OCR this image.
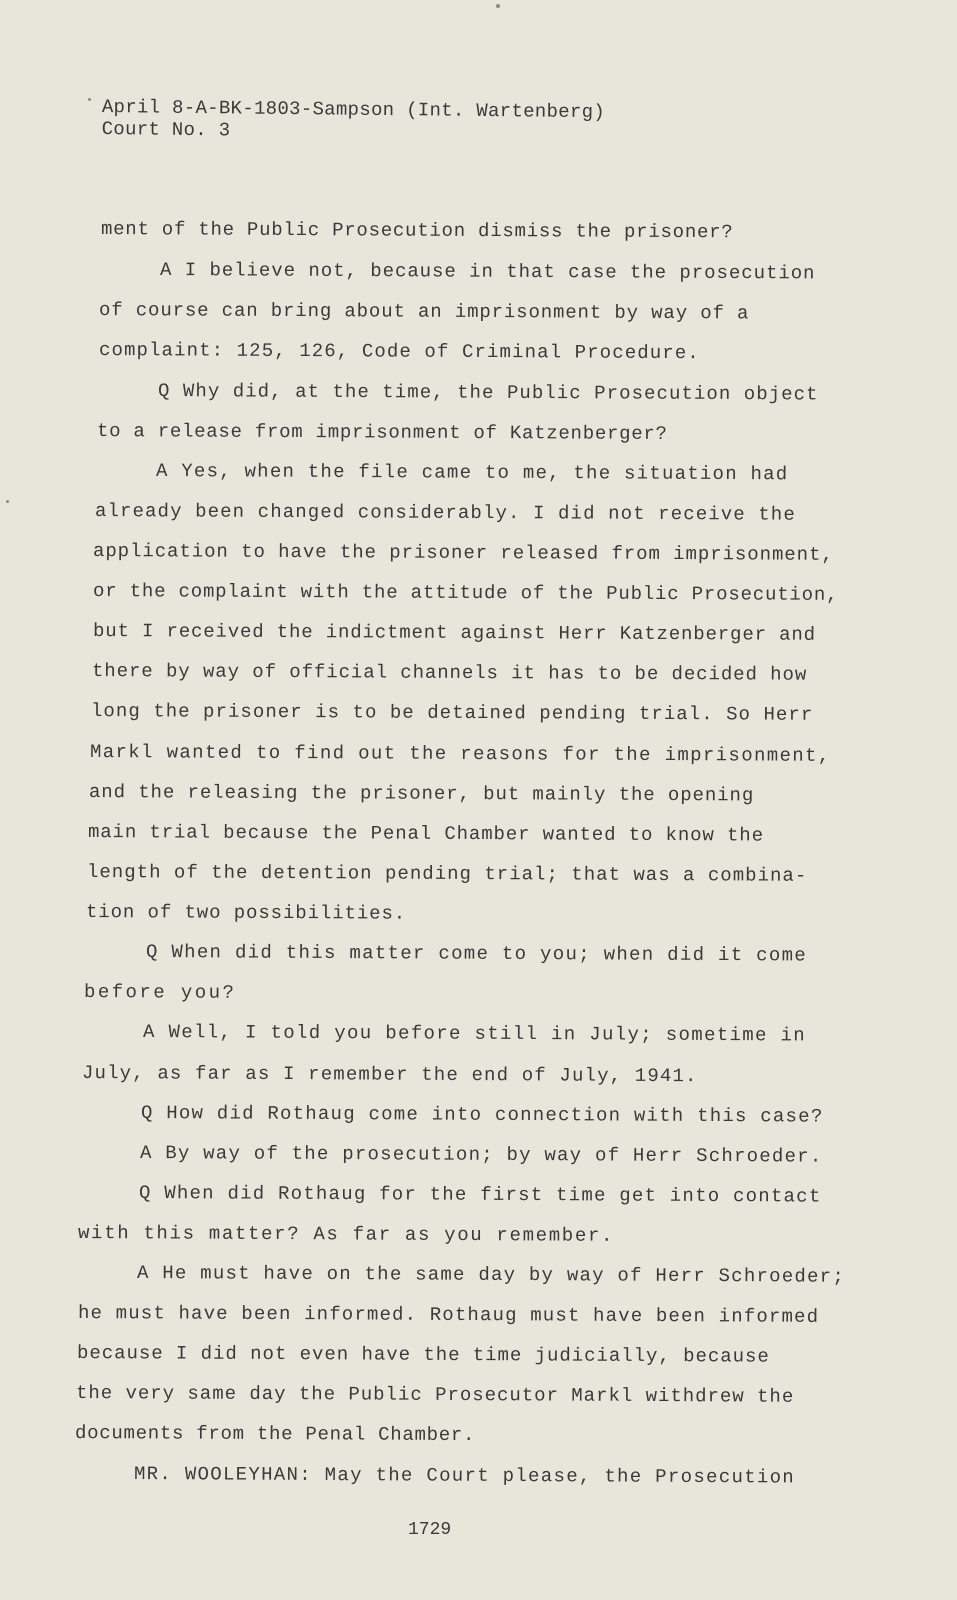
April 8-A-BK-1803-Sampson (Int. Wartenberg)
Court No. 3
ment of the Public Prosecution dismiss the prisoner?
A I believe not, because in that case the prosecution
of course can bring about an imprisonment by way of a
complaint: 125, 126, Code of Criminal Procedure.
Q Why did, at the time, the Public Prosecution object
to a release from imprisonment of Katzenberger?
A Yes, when the file came to me, the situation had
already been changed considerably. I did not receive the
application to have the prisoner released from imprisonment,
or the complaint with the attitude of the Public Prosecution,
but I received the indictment against Herr Katzenberger and
there by way of official channels it has to be decided how
long the prisoner is to be detained pending trial. So Herr
Markl wanted to find out the reasons for the imprisonment,
and the releasing the prisoner, but mainly the opening
main trial because the Penal Chamber wanted to know the
length of the detention pending trial; that was a combina-
tion of two possibilities.
Q When did this matter come to you; when did it come
before you?
A Well, I told you before still in July; sometime in
July, as far as I remember the end of July, 1941.
Q How did Rothaug come into connection with this case?
A By way of the prosecution; by way of Herr Schroeder.
Q When did Rothaug for the first time get into contact
with this matter? As far as you remember.
A He must have on the same day by way of Herr Schroeder;
he must have been informed. Rothaug must have been informed
because I did not even have the time judicially, because
the very same day the Public Prosecutor Markl withdrew the
documents from the Penal Chamber.
MR. WOOLEYHAN: May the Court please, the Prosecution
1729
